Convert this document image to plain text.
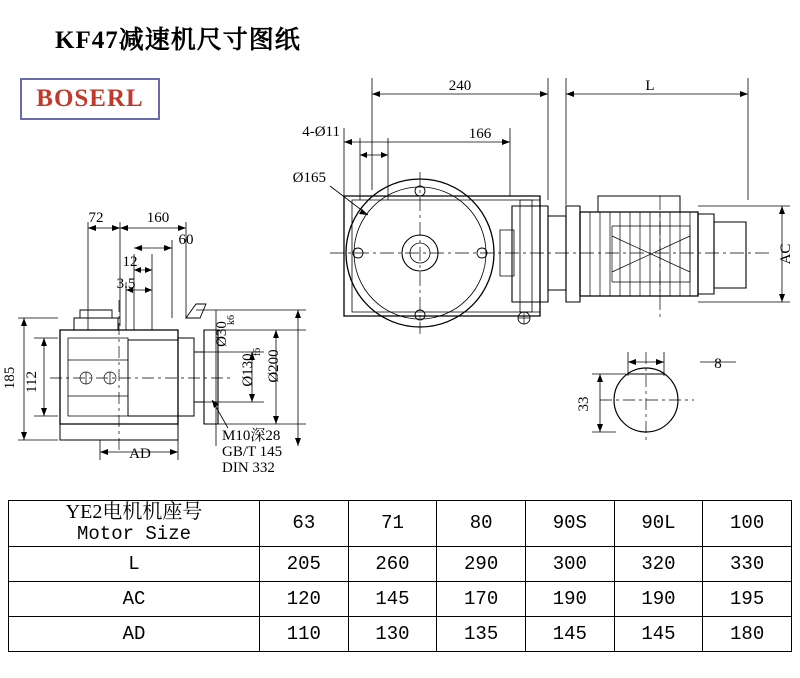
KF47减速机尺寸图纸
BOSERL	240	L
4-Ø11	166
Ø165
AC
72	160
60
12
3.5
185 112
AD
Ø30
k6
Ø130
f6 Ø200	8
33
M10深28
GB/T 145
DIN 332
YE2电机机座号
Motor Size	63	71	80	90S	90L	100
L	205	260	290	300	320	330
AC	120	145	170	190	190	195
AD	110	130	135	145	145	180
